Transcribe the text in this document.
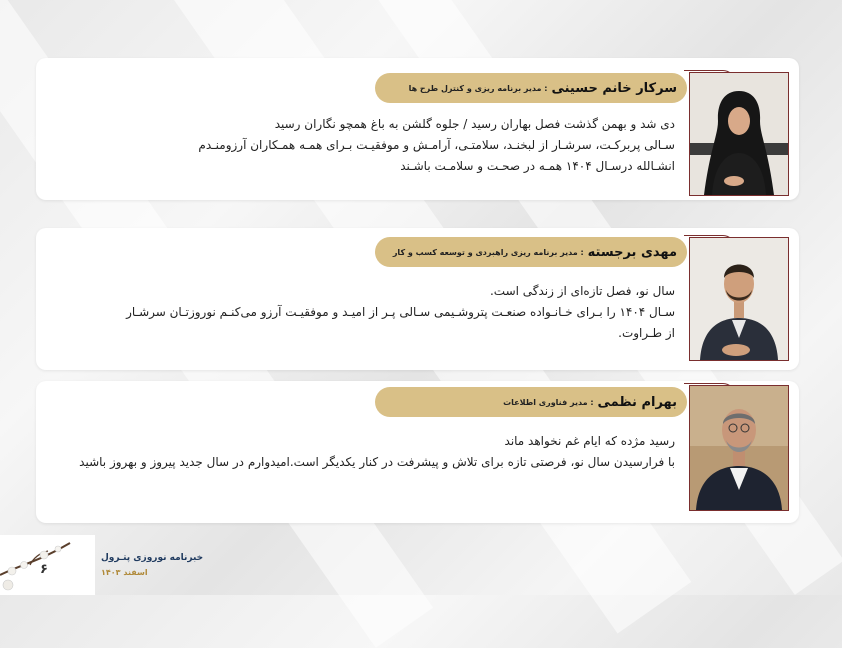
سرکار خانم حسینی
: مدیر برنامه ریزی و کنترل طرح ها

دی شد و بهمن گذشت فصل بهاران رسید / جلوه گلشن به باغ همچو نگاران رسید

سـالی پربرکـت، سرشـار از لبخنـد، سلامتـی، آرامـش و موفقیـت بـرای همـه همـکاران آرزومنـدم

انشـالله درسـال ۱۴۰۴ همـه در صحـت و سلامـت باشـند

مهدی برجسته
: مدیر برنامه ریزی راهبردی و توسعه کسب و کار

سال نو، فصل تازه‌ای از زندگی است.

سـال ۱۴۰۴ را بـرای خـانـواده صنعـت پتروشـیمی سـالی پـر از امیـد و موفقیـت آرزو می‌کنـم نوروزتـان سرشـار

از طـراوت.

بهرام نظمی
: مدیر فناوری اطلاعات

رسید مژده که ایام غم نخواهد ماند

با فرارسیدن سال نو، فرصتی تازه برای تلاش و پیشرفت در کنار یکدیگر است.امیدوارم در سال جدید پیروز و بهروز باشید

۶
خبرنامه نوروزی پتـرول
اسفند ۱۴۰۳
